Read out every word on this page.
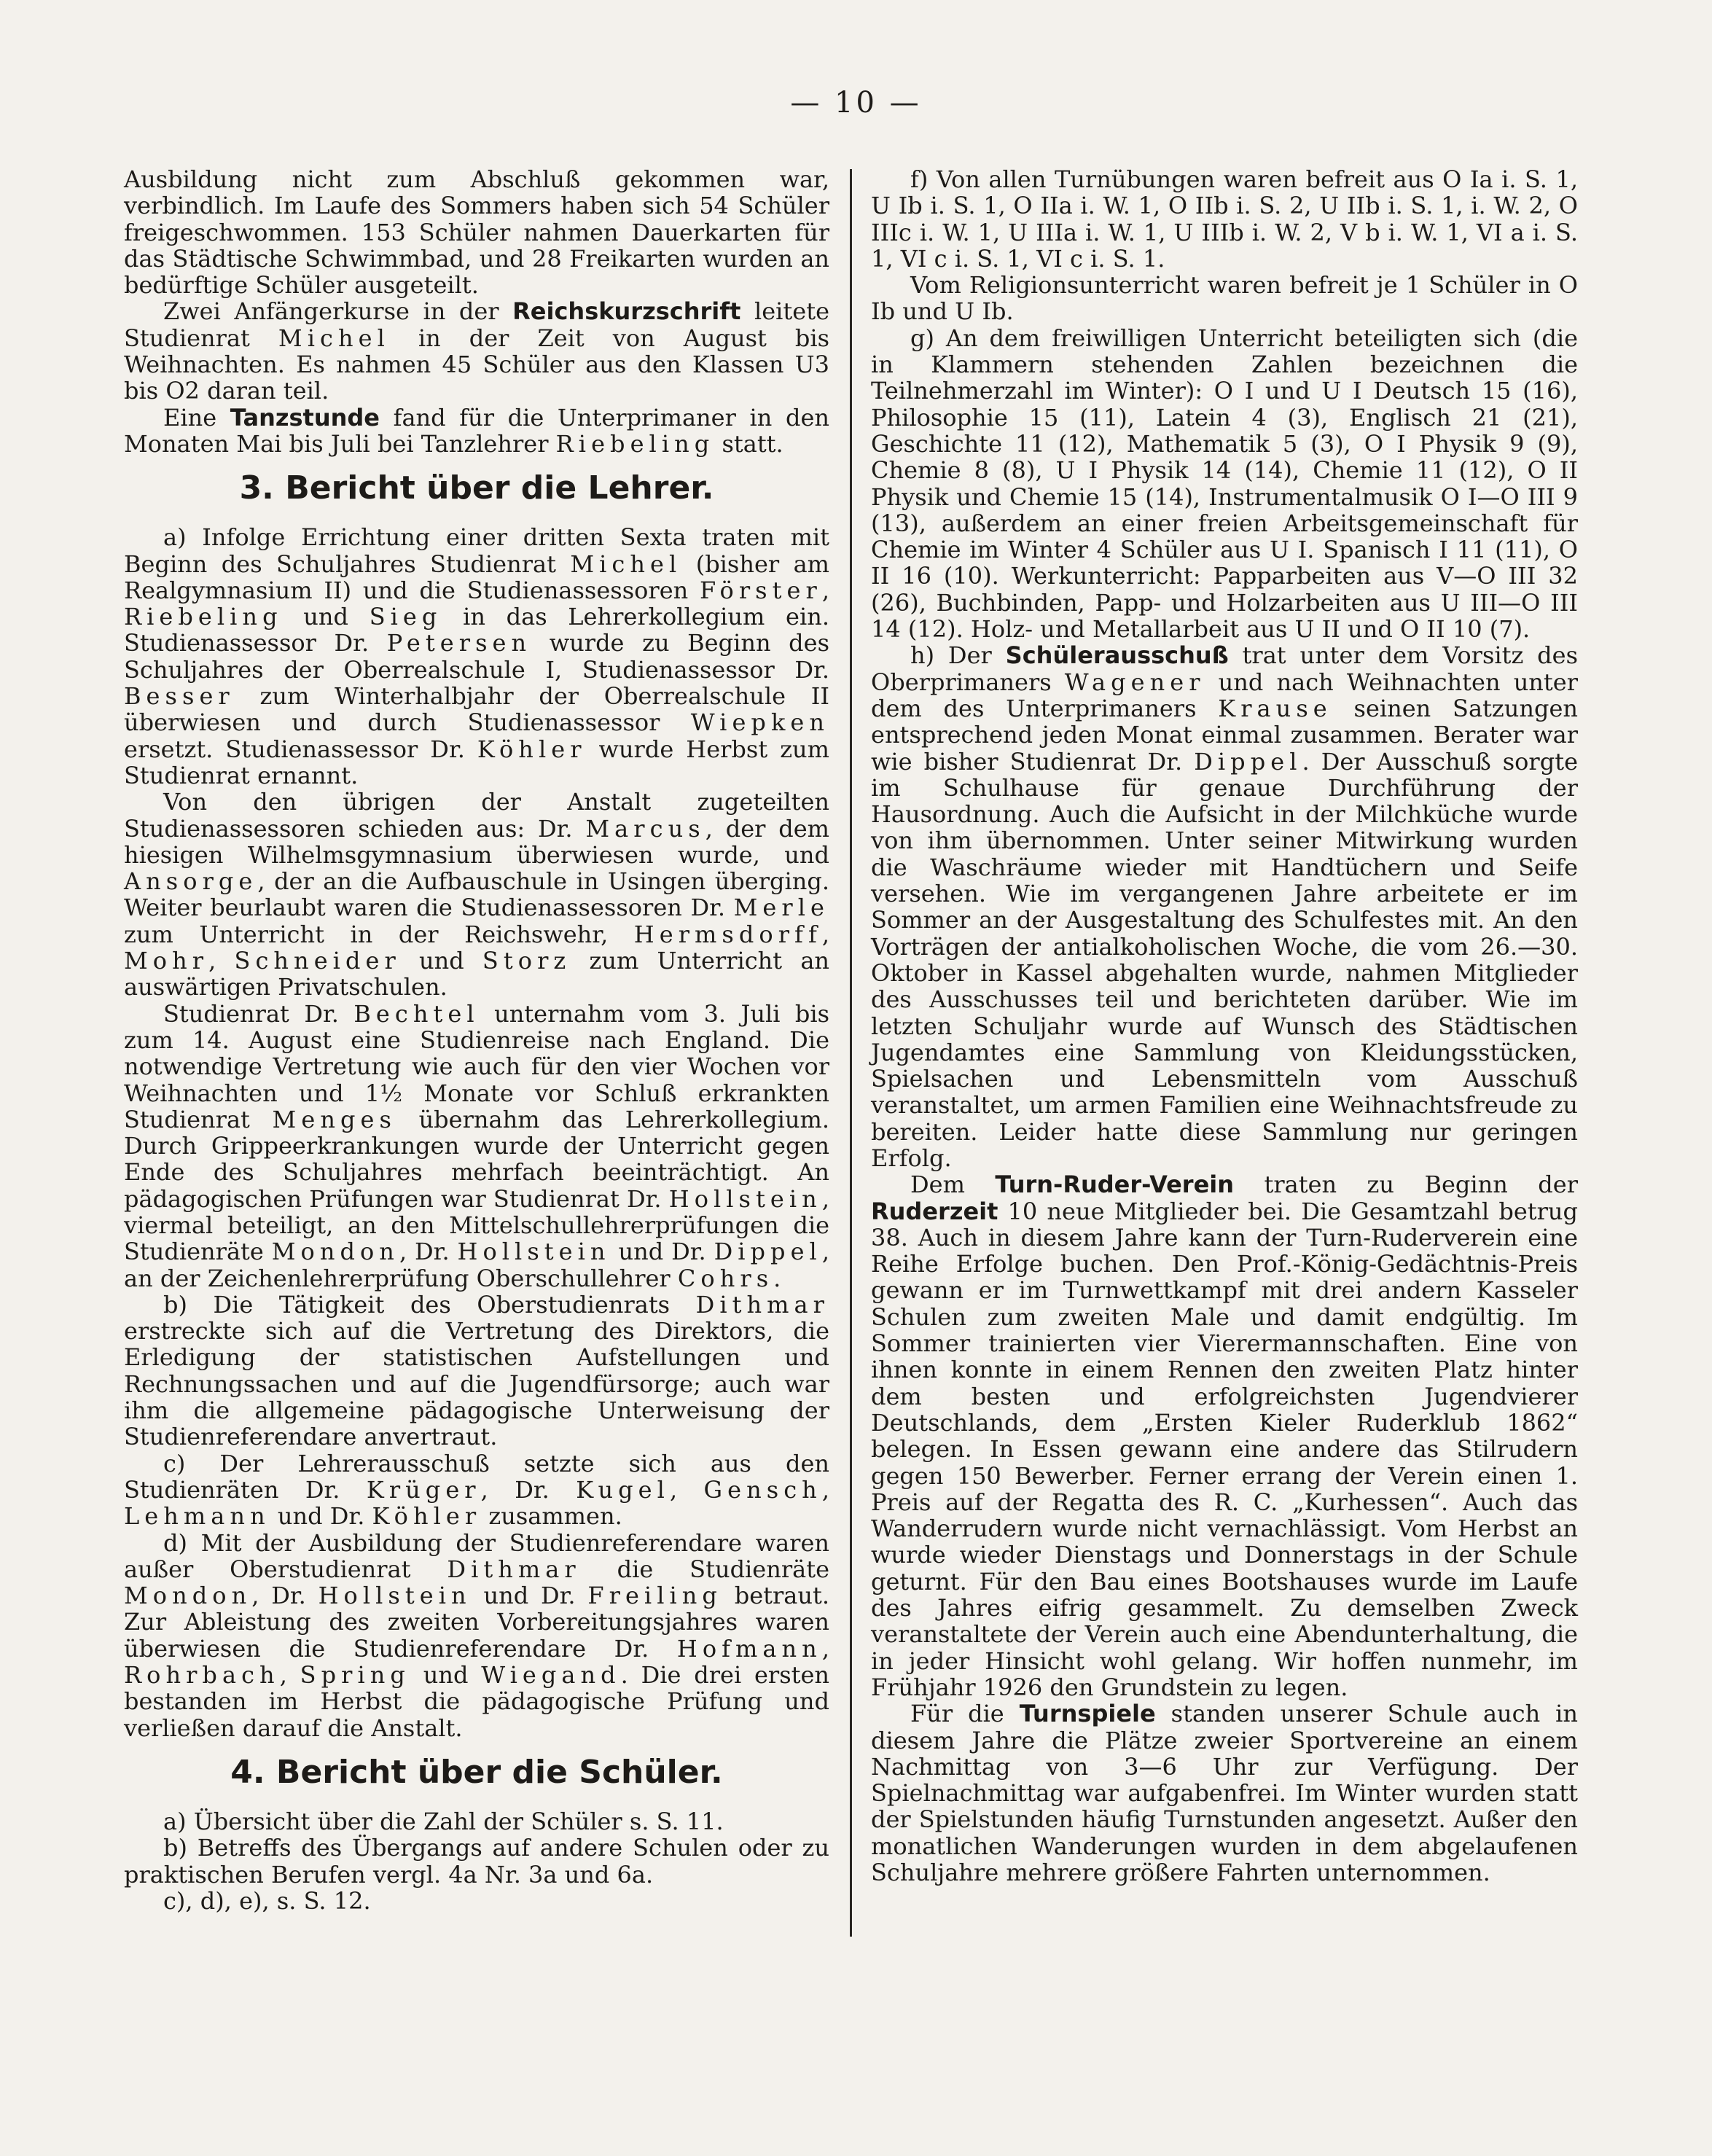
— 10 —

Ausbildung nicht zum Abschluß gekommen war, verbindlich. Im Laufe des Sommers haben sich 54 Schüler freigeschwommen. 153 Schüler nahmen Dauerkarten für das Städtische Schwimmbad, und 28 Freikarten wurden an bedürftige Schüler ausgeteilt.

Zwei Anfängerkurse in der Reichskurzschrift leitete Studienrat Michel in der Zeit von August bis Weihnachten. Es nahmen 45 Schüler aus den Klassen U3 bis O2 daran teil.

Eine Tanzstunde fand für die Unterprimaner in den Monaten Mai bis Juli bei Tanzlehrer Riebeling statt.

3. Bericht über die Lehrer.

a) Infolge Errichtung einer dritten Sexta traten mit Beginn des Schuljahres Studienrat Michel (bisher am Realgymnasium II) und die Studienassessoren Förster, Riebeling und Sieg in das Lehrerkollegium ein. Studienassessor Dr. Petersen wurde zu Beginn des Schuljahres der Oberrealschule I, Studienassessor Dr. Besser zum Winterhalbjahr der Oberrealschule II überwiesen und durch Studienassessor Wiepken ersetzt. Studienassessor Dr. Köhler wurde Herbst zum Studienrat ernannt.

Von den übrigen der Anstalt zugeteilten Studienassessoren schieden aus: Dr. Marcus, der dem hiesigen Wilhelmsgymnasium überwiesen wurde, und Ansorge, der an die Aufbauschule in Usingen überging. Weiter beurlaubt waren die Studienassessoren Dr. Merle zum Unterricht in der Reichswehr, Hermsdorff, Mohr, Schneider und Storz zum Unterricht an auswärtigen Privatschulen.

Studienrat Dr. Bechtel unternahm vom 3. Juli bis zum 14. August eine Studienreise nach England. Die notwendige Vertretung wie auch für den vier Wochen vor Weihnachten und 1½ Monate vor Schluß erkrankten Studienrat Menges übernahm das Lehrerkollegium. Durch Grippeerkrankungen wurde der Unterricht gegen Ende des Schuljahres mehrfach beeinträchtigt. An pädagogischen Prüfungen war Studienrat Dr. Hollstein, viermal beteiligt, an den Mittelschullehrerprüfungen die Studienräte Mondon, Dr. Hollstein und Dr. Dippel, an der Zeichenlehrerprüfung Oberschullehrer Cohrs.

b) Die Tätigkeit des Oberstudienrats Dithmar erstreckte sich auf die Vertretung des Direktors, die Erledigung der statistischen Aufstellungen und Rechnungssachen und auf die Jugendfürsorge; auch war ihm die allgemeine pädagogische Unterweisung der Studienreferendare anvertraut.

c) Der Lehrerausschuß setzte sich aus den Studienräten Dr. Krüger, Dr. Kugel, Gensch, Lehmann und Dr. Köhler zusammen.

d) Mit der Ausbildung der Studienreferendare waren außer Oberstudienrat Dithmar die Studienräte Mondon, Dr. Hollstein und Dr. Freiling betraut. Zur Ableistung des zweiten Vorbereitungsjahres waren überwiesen die Studienreferendare Dr. Hofmann, Rohrbach, Spring und Wiegand. Die drei ersten bestanden im Herbst die pädagogische Prüfung und verließen darauf die Anstalt.

4. Bericht über die Schüler.

a) Übersicht über die Zahl der Schüler s. S. 11.

b) Betreffs des Übergangs auf andere Schulen oder zu praktischen Berufen vergl. 4a Nr. 3a und 6a.

c), d), e), s. S. 12.

f) Von allen Turnübungen waren befreit aus O Ia i. S. 1, U Ib i. S. 1, O IIa i. W. 1, O IIb i. S. 2, U IIb i. S. 1, i. W. 2, O IIIc i. W. 1, U IIIa i. W. 1, U IIIb i. W. 2, V b i. W. 1, VI a i. S. 1, VI c i. S. 1, VI c i. S. 1.

Vom Religionsunterricht waren befreit je 1 Schüler in O Ib und U Ib.

g) An dem freiwilligen Unterricht beteiligten sich (die in Klammern stehenden Zahlen bezeichnen die Teilnehmerzahl im Winter): O I und U I Deutsch 15 (16), Philosophie 15 (11), Latein 4 (3), Englisch 21 (21), Geschichte 11 (12), Mathematik 5 (3), O I Physik 9 (9), Chemie 8 (8), U I Physik 14 (14), Chemie 11 (12), O II Physik und Chemie 15 (14), Instrumentalmusik O I—O III 9 (13), außerdem an einer freien Arbeitsgemeinschaft für Chemie im Winter 4 Schüler aus U I. Spanisch I 11 (11), O II 16 (10). Werkunterricht: Papparbeiten aus V—O III 32 (26), Buchbinden, Papp- und Holzarbeiten aus U III—O III 14 (12). Holz- und Metallarbeit aus U II und O II 10 (7).

h) Der Schülerausschuß trat unter dem Vorsitz des Oberprimaners Wagener und nach Weihnachten unter dem des Unterprimaners Krause seinen Satzungen entsprechend jeden Monat einmal zusammen. Berater war wie bisher Studienrat Dr. Dippel. Der Ausschuß sorgte im Schulhause für genaue Durchführung der Hausordnung. Auch die Aufsicht in der Milchküche wurde von ihm übernommen. Unter seiner Mitwirkung wurden die Waschräume wieder mit Handtüchern und Seife versehen. Wie im vergangenen Jahre arbeitete er im Sommer an der Ausgestaltung des Schulfestes mit. An den Vorträgen der antialkoholischen Woche, die vom 26.—30. Oktober in Kassel abgehalten wurde, nahmen Mitglieder des Ausschusses teil und berichteten darüber. Wie im letzten Schuljahr wurde auf Wunsch des Städtischen Jugendamtes eine Sammlung von Kleidungsstücken, Spielsachen und Lebensmitteln vom Ausschuß veranstaltet, um armen Familien eine Weihnachtsfreude zu bereiten. Leider hatte diese Sammlung nur geringen Erfolg.

Dem Turn-Ruder-Verein traten zu Beginn der Ruderzeit 10 neue Mitglieder bei. Die Gesamtzahl betrug 38. Auch in diesem Jahre kann der Turn-Ruderverein eine Reihe Erfolge buchen. Den Prof.-König-Gedächtnis-Preis gewann er im Turnwettkampf mit drei andern Kasseler Schulen zum zweiten Male und damit endgültig. Im Sommer trainierten vier Vierermannschaften. Eine von ihnen konnte in einem Rennen den zweiten Platz hinter dem besten und erfolgreichsten Jugendvierer Deutschlands, dem „Ersten Kieler Ruderklub 1862“ belegen. In Essen gewann eine andere das Stilrudern gegen 150 Bewerber. Ferner errang der Verein einen 1. Preis auf der Regatta des R. C. „Kurhessen“. Auch das Wanderrudern wurde nicht vernachlässigt. Vom Herbst an wurde wieder Dienstags und Donnerstags in der Schule geturnt. Für den Bau eines Bootshauses wurde im Laufe des Jahres eifrig gesammelt. Zu demselben Zweck veranstaltete der Verein auch eine Abendunterhaltung, die in jeder Hinsicht wohl gelang. Wir hoffen nunmehr, im Frühjahr 1926 den Grundstein zu legen.

Für die Turnspiele standen unserer Schule auch in diesem Jahre die Plätze zweier Sportvereine an einem Nachmittag von 3—6 Uhr zur Verfügung. Der Spielnachmittag war aufgabenfrei. Im Winter wurden statt der Spielstunden häufig Turnstunden angesetzt. Außer den monatlichen Wanderungen wurden in dem abgelaufenen Schuljahre mehrere größere Fahrten unternommen.
